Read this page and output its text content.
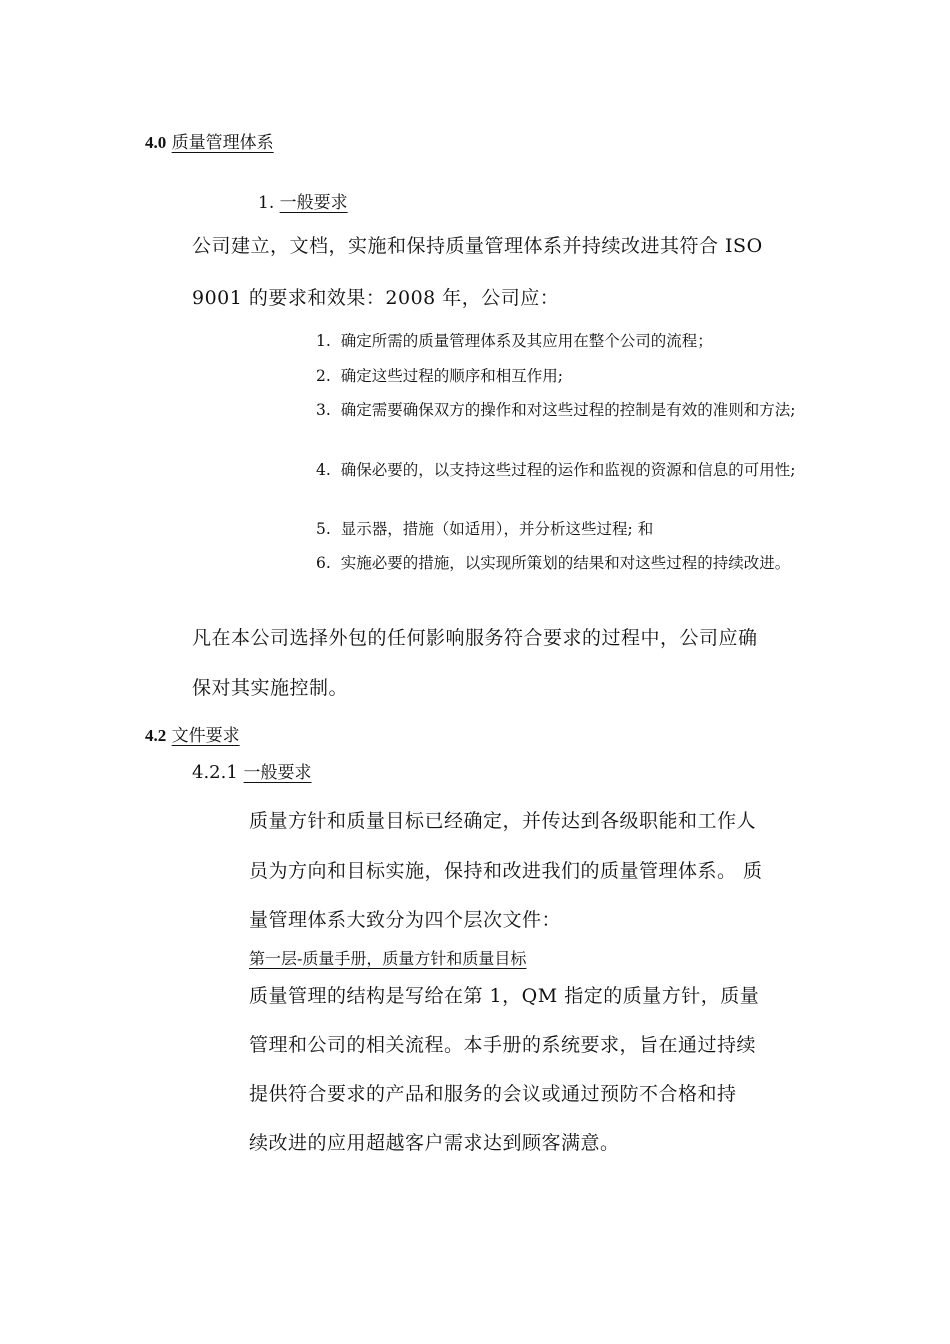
4.0 质量管理体系
1. 一般要求
公司建立，文档，实施和保持质量管理体系并持续改进其符合 ISO
9001 的要求和效果：2008 年，公司应：
1. 确定所需的质量管理体系及其应用在整个公司的流程；
2. 确定这些过程的顺序和相互作用;
3. 确定需要确保双方的操作和对这些过程的控制是有效的准则和方法;
4. 确保必要的，以支持这些过程的运作和监视的资源和信息的可用性;
5. 显示器，措施（如适用），并分析这些过程; 和
6. 实施必要的措施，以实现所策划的结果和对这些过程的持续改进。
凡在本公司选择外包的任何影响服务符合要求的过程中，公司应确
保对其实施控制。
4.2 文件要求
4.2.1 一般要求
质量方针和质量目标已经确定，并传达到各级职能和工作人
员为方向和目标实施，保持和改进我们的质量管理体系。 质
量管理体系大致分为四个层次文件：
第一层-质量手册，质量方针和质量目标
质量管理的结构是写给在第 1，QM 指定的质量方针，质量
管理和公司的相关流程。本手册的系统要求，旨在通过持续
提供符合要求的产品和服务的会议或通过预防不合格和持
续改进的应用超越客户需求达到顾客满意。
